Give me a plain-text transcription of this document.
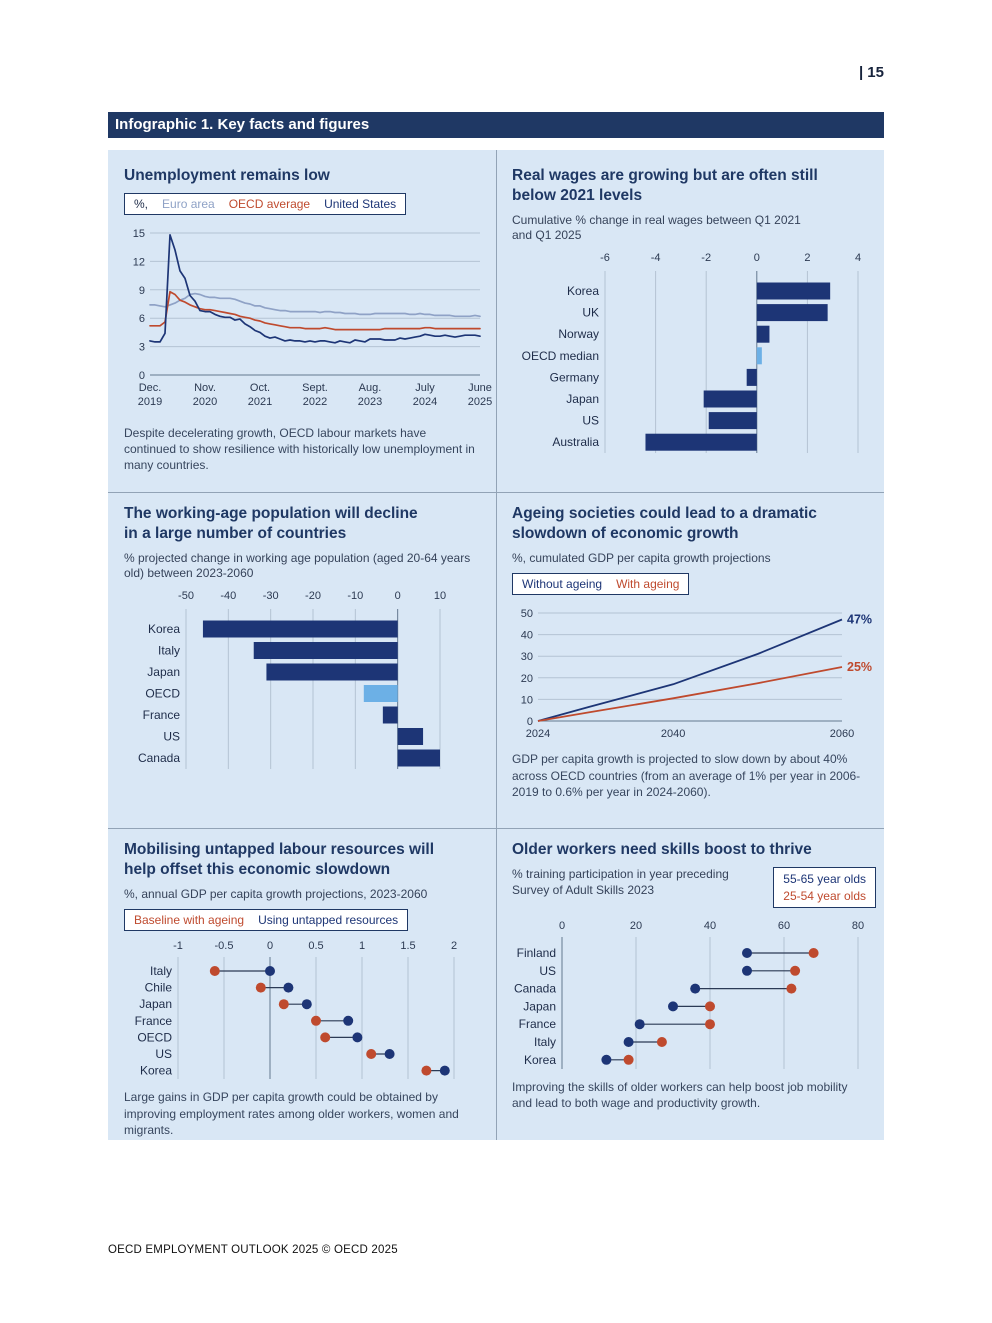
| 15
Infographic 1. Key facts and figures
Unemployment remains low
%, Euro area OECD average United States
0
3
6
9
12
15
Dec.
2019
Nov.
2020
Oct.
2021
Sept.
2022
Aug.
2023
July
2024
June
2025

Despite decelerating growth, OECD labour markets have continued to show resilience with historically low unemployment in many countries.

Real wages are growing but are often still below 2021 levels

Cumulative % change in real wages between Q1 2021 and Q1 2025

-6	-4	-2	0	2	4
Korea
UK
Norway
OECD median
Germany
Japan
US
Australia
The working-age population will decline in a large number of countries

% projected change in working age population (aged 20-64 years old) between 2023-2060

-50 -40 -30 -20 -10	0	10
Korea
Italy
Japan
OECD
France
US
Canada
Ageing societies could lead to a dramatic slowdown of economic growth

%, cumulated GDP per capita growth projections

Without ageing With ageing
0
10
20
30
40
50
2024	2040	2060
47%
25%

GDP per capita growth is projected to slow down by about 40% across OECD countries (from an average of 1% per year in 2006-2019 to 0.6% per year in 2024-2060).

Mobilising untapped labour resources will help offset this economic slowdown

%, annual GDP per capita growth projections, 2023-2060

Baseline with ageing Using untapped resources
-1	-0.5	0	0.5	1	1.5	2
Italy
Chile
Japan
France
OECD
US
Korea

Large gains in GDP per capita growth could be obtained by improving employment rates among older workers, women and migrants.

Older workers need skills boost to thrive

% training participation in year preceding Survey of Adult Skills 2023

55-65 year olds
25-54 year olds
0	20	40	60	80
Finland
US
Canada
Japan
France
Italy
Korea

Improving the skills of older workers can help boost job mobility and lead to both wage and productivity growth.

OECD EMPLOYMENT OUTLOOK 2025 © OECD 2025
